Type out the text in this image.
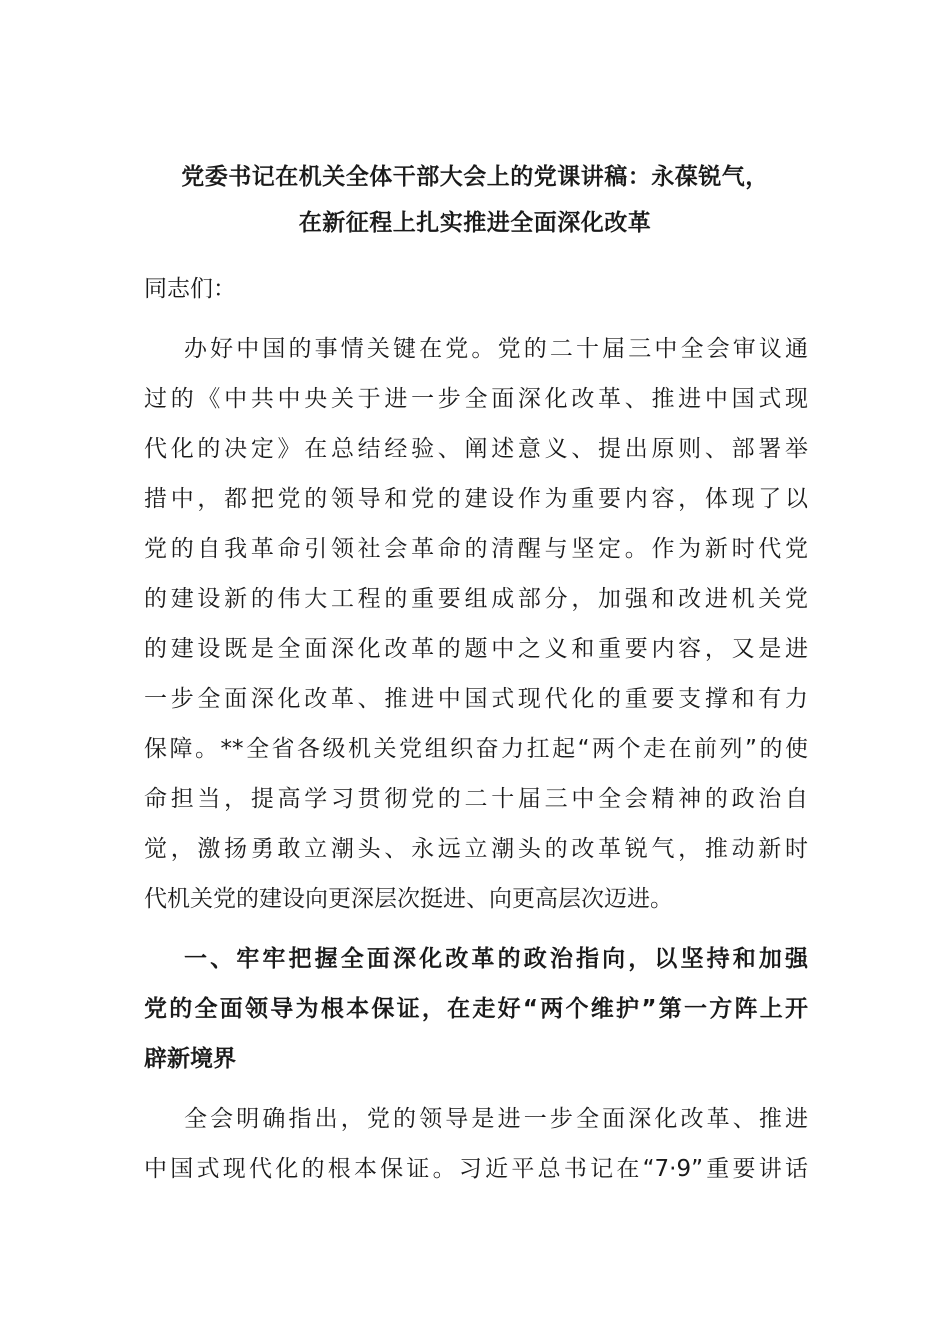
党委书记在机关全体干部大会上的党课讲稿：永葆锐气，
在新征程上扎实推进全面深化改革
同志们：
办好中国的事情关键在党。党的二十届三中全会审议通
过的《中共中央关于进一步全面深化改革、推进中国式现
代化的决定》在总结经验、阐述意义、提出原则、部署举
措中，都把党的领导和党的建设作为重要内容，体现了以
党的自我革命引领社会革命的清醒与坚定。作为新时代党
的建设新的伟大工程的重要组成部分，加强和改进机关党
的建设既是全面深化改革的题中之义和重要内容，又是进
一步全面深化改革、推进中国式现代化的重要支撑和有力
保障。**全省各级机关党组织奋力扛起“两个走在前列”的使
命担当，提高学习贯彻党的二十届三中全会精神的政治自
觉，激扬勇敢立潮头、永远立潮头的改革锐气，推动新时
代机关党的建设向更深层次挺进、向更高层次迈进。
一、牢牢把握全面深化改革的政治指向，以坚持和加强
党的全面领导为根本保证，在走好“两个维护”第一方阵上开
辟新境界
全会明确指出，党的领导是进一步全面深化改革、推进
中国式现代化的根本保证。习近平总书记在“7·9”重要讲话
